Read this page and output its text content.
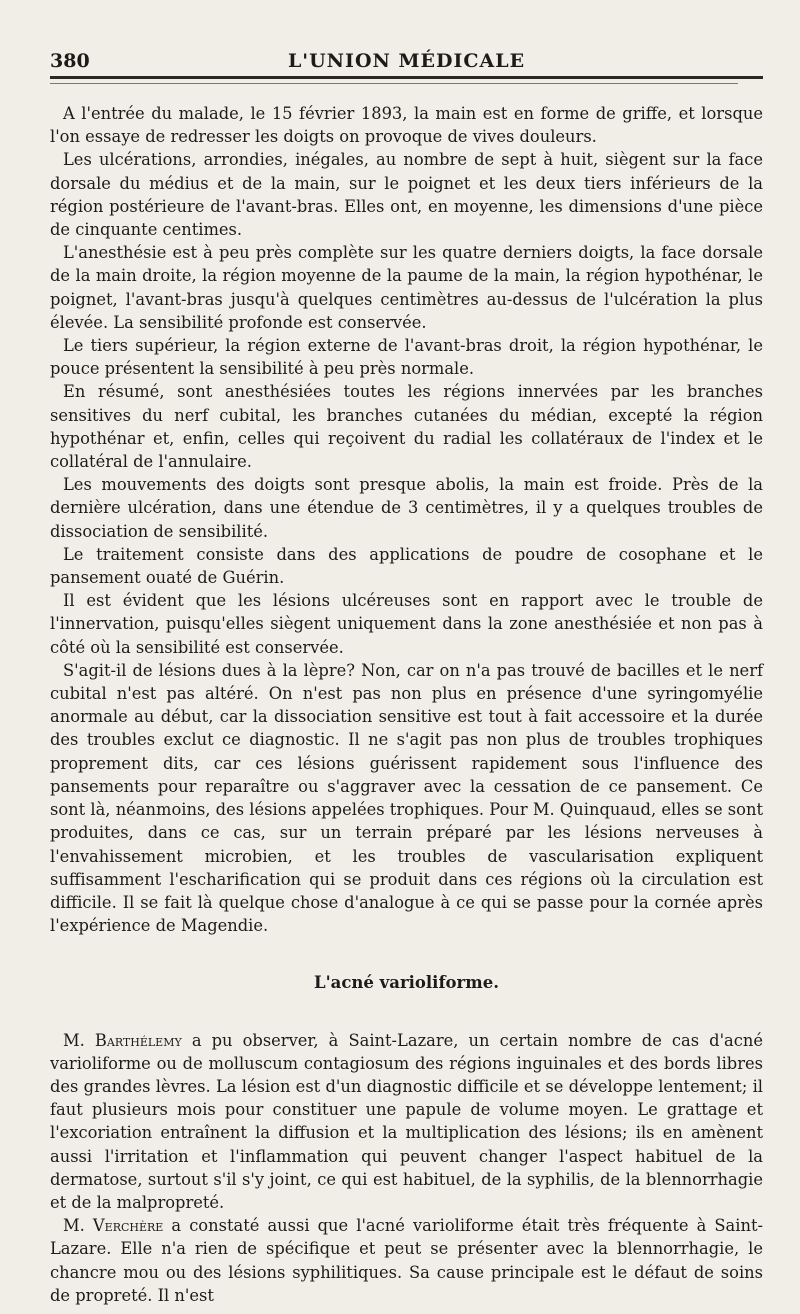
380	L'UNION MÉDICALE

A l'entrée du malade, le 15 février 1893, la main est en forme de griffe, et lorsque l'on essaye de redresser les doigts on provoque de vives douleurs.

Les ulcérations, arrondies, inégales, au nombre de sept à huit, siègent sur la face dorsale du médius et de la main, sur le poignet et les deux tiers inférieurs de la région postérieure de l'avant-bras. Elles ont, en moyenne, les dimensions d'une pièce de cinquante centimes.

L'anesthésie est à peu près complète sur les quatre derniers doigts, la face dorsale de la main droite, la région moyenne de la paume de la main, la région hypothénar, le poignet, l'avant-bras jusqu'à quelques centimètres au-dessus de l'ulcération la plus élevée. La sensibilité profonde est conservée.

Le tiers supérieur, la région externe de l'avant-bras droit, la région hypothénar, le pouce présentent la sensibilité à peu près normale.

En résumé, sont anesthésiées toutes les régions innervées par les branches sensitives du nerf cubital, les branches cutanées du médian, excepté la région hypothénar et, enfin, celles qui reçoivent du radial les collatéraux de l'index et le collatéral de l'annulaire.

Les mouvements des doigts sont presque abolis, la main est froide. Près de la dernière ulcération, dans une étendue de 3 centimètres, il y a quelques troubles de dissociation de sensibilité.

Le traitement consiste dans des applications de poudre de cosophane et le pansement ouaté de Guérin.

Il est évident que les lésions ulcéreuses sont en rapport avec le trouble de l'innervation, puisqu'elles siègent uniquement dans la zone anesthésiée et non pas à côté où la sensibilité est conservée.

S'agit-il de lésions dues à la lèpre? Non, car on n'a pas trouvé de bacilles et le nerf cubital n'est pas altéré. On n'est pas non plus en présence d'une syringomyélie anormale au début, car la dissociation sensitive est tout à fait accessoire et la durée des troubles exclut ce diagnostic. Il ne s'agit pas non plus de troubles trophiques proprement dits, car ces lésions guérissent rapidement sous l'influence des pansements pour reparaître ou s'aggraver avec la cessation de ce pansement. Ce sont là, néanmoins, des lésions appelées trophiques. Pour M. Quinquaud, elles se sont produites, dans ce cas, sur un terrain préparé par les lésions nerveuses à l'envahissement microbien, et les troubles de vascularisation expliquent suffisamment l'eschariﬁcation qui se produit dans ces régions où la circulation est difficile. Il se fait là quelque chose d'analogue à ce qui se passe pour la cornée après l'expérience de Magendie.

L'acné varioliforme.

M. Barthélemy a pu observer, à Saint-Lazare, un certain nombre de cas d'acné varioliforme ou de molluscum contagiosum des régions inguinales et des bords libres des grandes lèvres. La lésion est d'un diagnostic difficile et se développe lentement; il faut plusieurs mois pour constituer une papule de volume moyen. Le grattage et l'excoriation entraînent la diffusion et la multiplication des lésions; ils en amènent aussi l'irritation et l'inflammation qui peuvent changer l'aspect habituel de la dermatose, surtout s'il s'y joint, ce qui est habituel, de la syphilis, de la blennorrhagie et de la malpropreté.

M. Verchère a constaté aussi que l'acné varioliforme était très fréquente à Saint-Lazare. Elle n'a rien de spécifique et peut se présenter avec la blennorrhagie, le chancre mou ou des lésions syphilitiques. Sa cause principale est le défaut de soins de propreté. Il n'est
